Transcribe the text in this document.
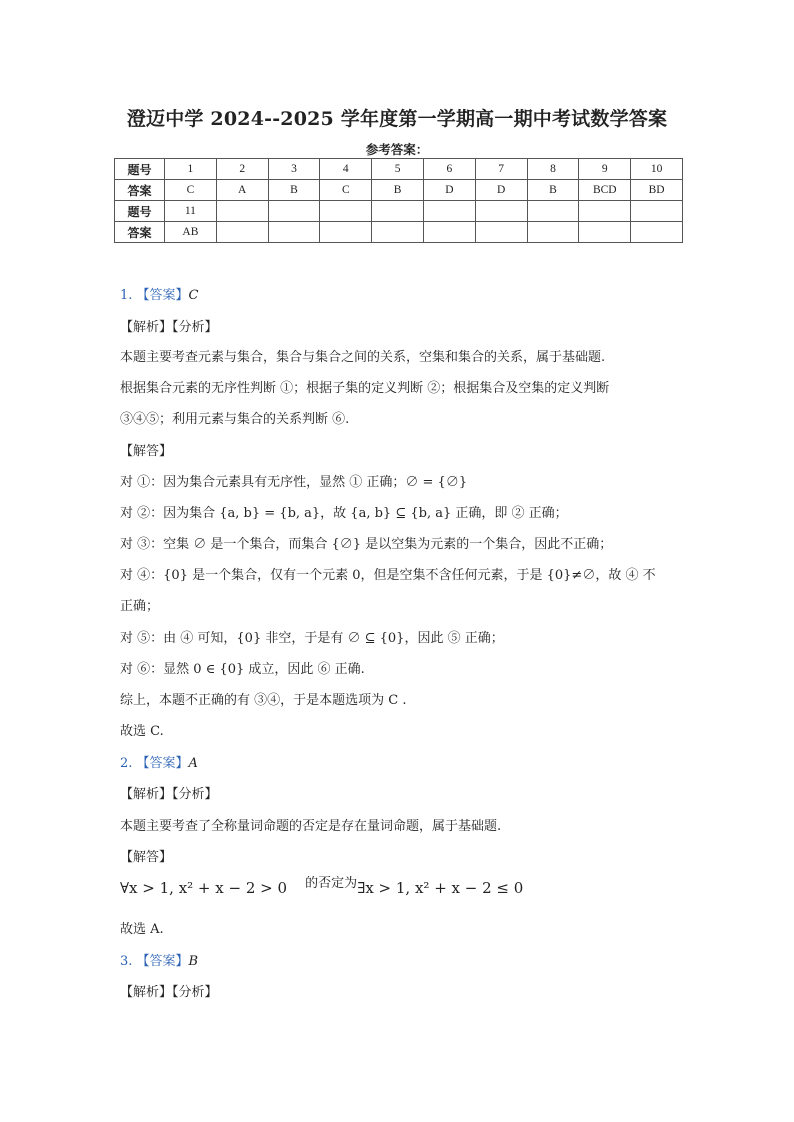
澄迈中学 2024--2025 学年度第一学期高一期中考试数学答案
参考答案：
题号	1	2	3	4	5	6	7	8	9	10
答案	C	A	B	C	B	D	D	B	BCD	BD
题号	11									
答案	AB									
1. 【答案】C
【解析】【分析】
本题主要考查元素与集合，集合与集合之间的关系，空集和集合的关系，属于基础题.
根据集合元素的无序性判断 ①；根据子集的定义判断 ②；根据集合及空集的定义判断
③④⑤；利用元素与集合的关系判断 ⑥.
【解答】
对 ①：因为集合元素具有无序性，显然 ① 正确；∅ = {∅}
对 ②：因为集合 {a, b} = {b, a}，故 {a, b} ⊆ {b, a} 正确，即 ② 正确；
对 ③：空集 ∅ 是一个集合，而集合 {∅} 是以空集为元素的一个集合，因此不正确；
对 ④：{0} 是一个集合，仅有一个元素 0，但是空集不含任何元素，于是 {0}≠∅，故 ④ 不
正确；
对 ⑤：由 ④ 可知，{0} 非空，于是有 ∅ ⊆ {0}，因此 ⑤ 正确；
对 ⑥：显然 0 ∈ {0} 成立，因此 ⑥ 正确.
综上，本题不正确的有 ③④，于是本题选项为 C .
故选 C.
2. 【答案】A
【解析】【分析】
本题主要考查了全称量词命题的否定是存在量词命题，属于基础题.
【解答】
∀x > 1, x² + x − 2 > 0 的否定为∃x > 1, x² + x − 2 ≤ 0
故选 A.
3. 【答案】B
【解析】【分析】
